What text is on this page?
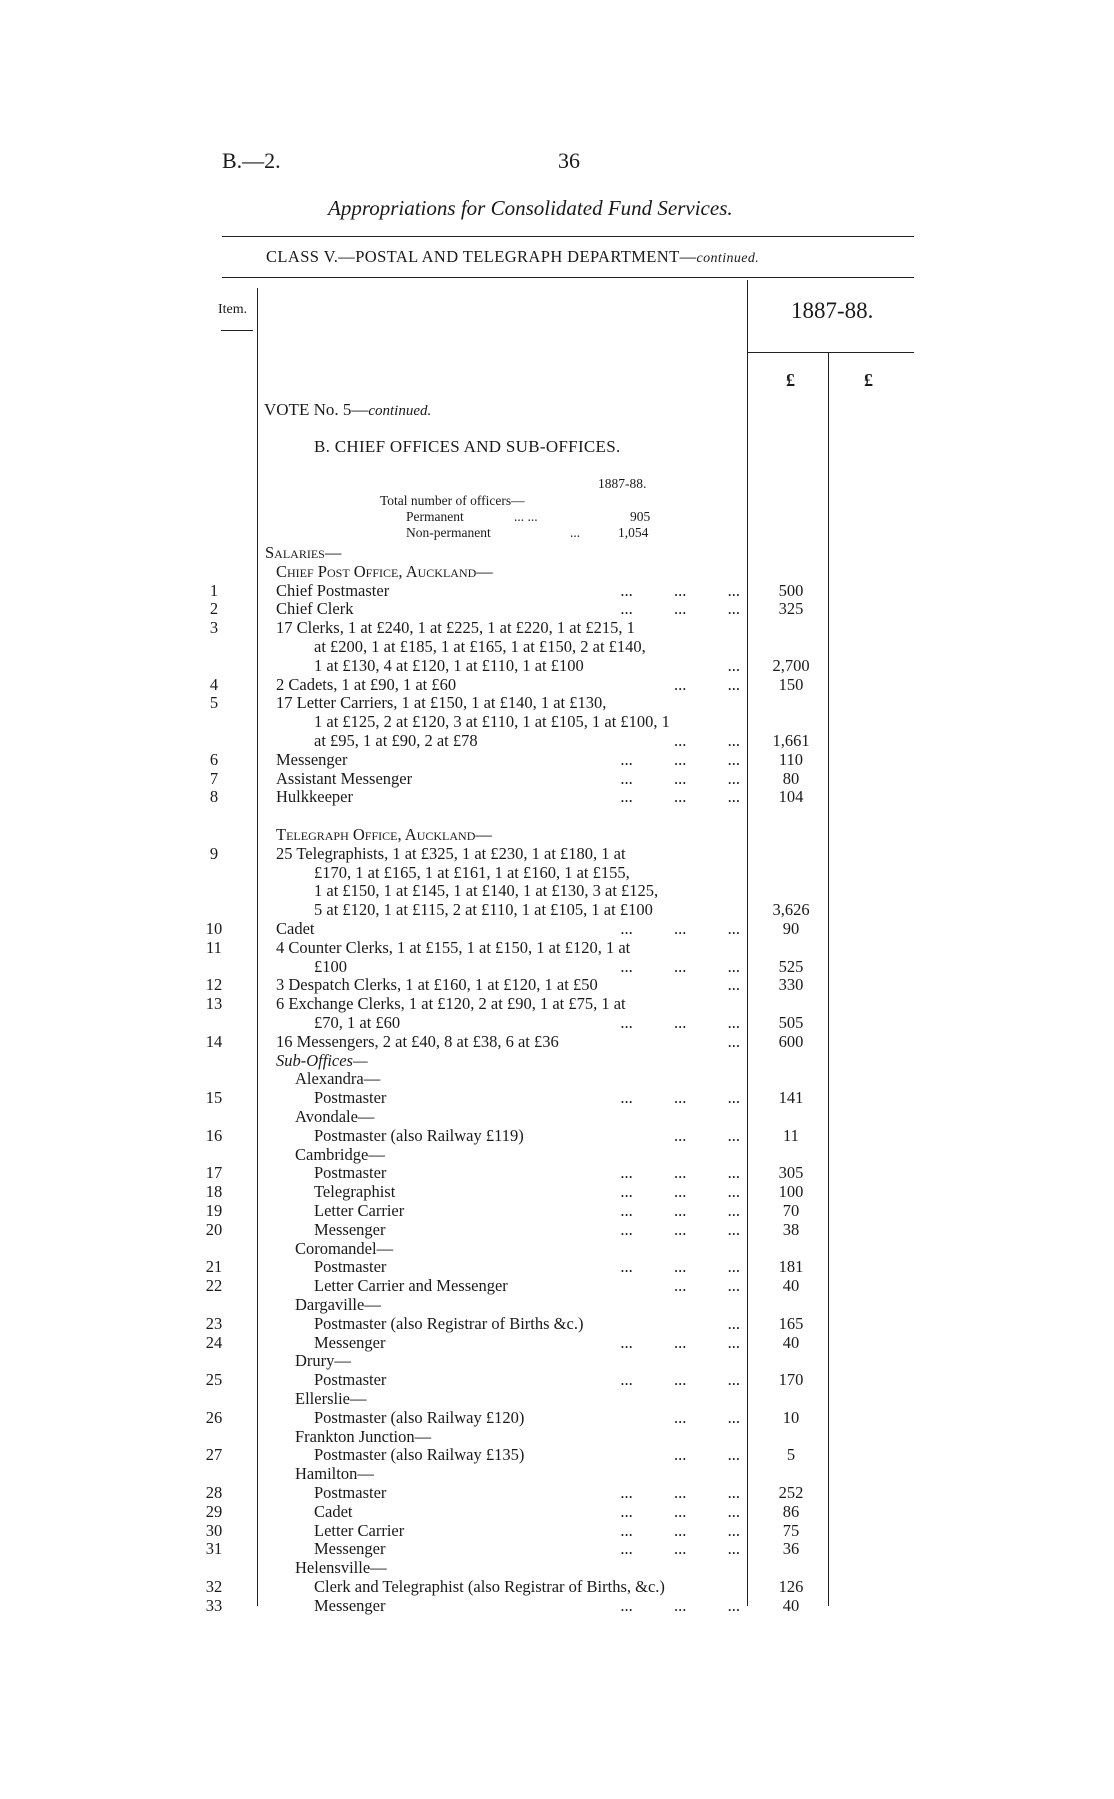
B.—2.	36
Appropriations for Consolidated Fund Services.
CLASS V.—POSTAL AND TELEGRAPH DEPARTMENT—continued.
Item.	1887-88.
£	£
VOTE No. 5—continued.
B. CHIEF OFFICES AND SUB-OFFICES.
1887-88.
Total number of officers—
Permanent	... ...	905
Non-permanent	...	1,054
Salaries—
Chief Post Office, Auckland—
1	Chief Postmaster	...          ...          ...	500
2	Chief Clerk	...          ...          ...	325
3	17 Clerks, 1 at £240, 1 at £225, 1 at £220, 1 at £215, 1
at £200, 1 at £185, 1 at £165, 1 at £150, 2 at £140,
1 at £130, 4 at £120, 1 at £110, 1 at £100	...	2,700
4	2 Cadets, 1 at £90, 1 at £60	...          ...	150
5	17 Letter Carriers, 1 at £150, 1 at £140, 1 at £130,
1 at £125, 2 at £120, 3 at £110, 1 at £105, 1 at £100, 1
at £95, 1 at £90, 2 at £78	...          ...	1,661
6	Messenger	...          ...          ...	110
7	Assistant Messenger	...          ...          ...	80
8	Hulkkeeper	...          ...          ...	104
Telegraph Office, Auckland—
9	25 Telegraphists, 1 at £325, 1 at £230, 1 at £180, 1 at
£170, 1 at £165, 1 at £161, 1 at £160, 1 at £155,
1 at £150, 1 at £145, 1 at £140, 1 at £130, 3 at £125,
5 at £120, 1 at £115, 2 at £110, 1 at £105, 1 at £100	3,626
10	Cadet	...          ...          ...	90
11	4 Counter Clerks, 1 at £155, 1 at £150, 1 at £120, 1 at
£100	...          ...          ...	525
12	3 Despatch Clerks, 1 at £160, 1 at £120, 1 at £50	...	330
13	6 Exchange Clerks, 1 at £120, 2 at £90, 1 at £75, 1 at
£70, 1 at £60	...          ...          ...	505
14	16 Messengers, 2 at £40, 8 at £38, 6 at £36	...	600
Sub-Offices—
Alexandra—
15	Postmaster	...          ...          ...	141
Avondale—
16	Postmaster (also Railway £119)	...          ...	11
Cambridge—
17	Postmaster	...          ...          ...	305
18	Telegraphist	...          ...          ...	100
19	Letter Carrier	...          ...          ...	70
20	Messenger	...          ...          ...	38
Coromandel—
21	Postmaster	...          ...          ...	181
22	Letter Carrier and Messenger	...          ...	40
Dargaville—
23	Postmaster (also Registrar of Births &c.)	...	165
24	Messenger	...          ...          ...	40
Drury—
25	Postmaster	...          ...          ...	170
Ellerslie—
26	Postmaster (also Railway £120)	...          ...	10
Frankton Junction—
27	Postmaster (also Railway £135)	...          ...	5
Hamilton—
28	Postmaster	...          ...          ...	252
29	Cadet	...          ...          ...	86
30	Letter Carrier	...          ...          ...	75
31	Messenger	...          ...          ...	36
Helensville—
32	Clerk and Telegraphist (also Registrar of Births, &c.)	126
33	Messenger	...          ...          ...	40
